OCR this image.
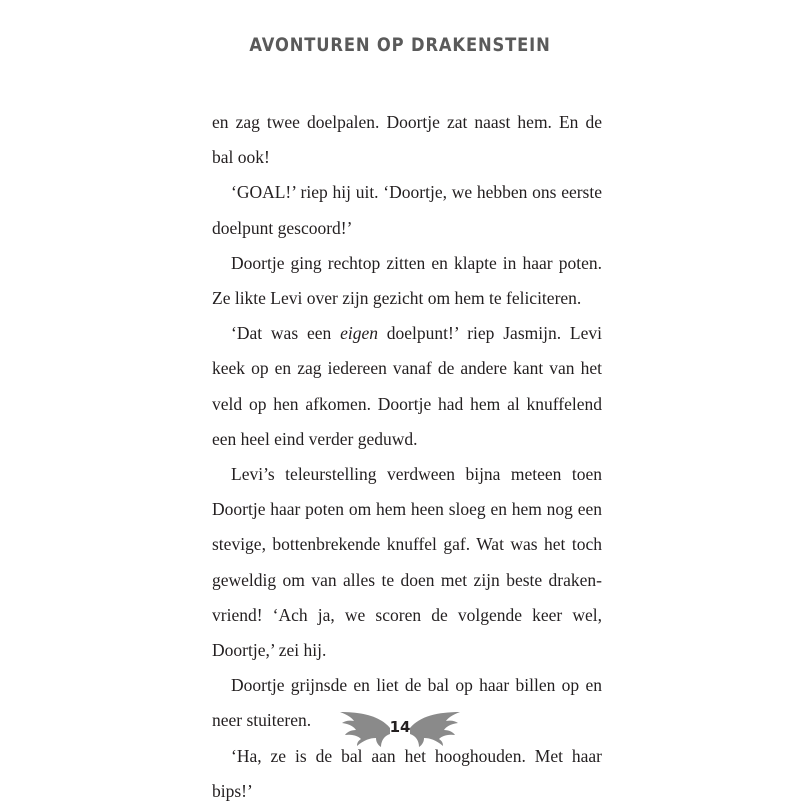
AVONTUREN OP DRAKENSTEIN

en zag twee doelpalen. Doortje zat naast hem. En de bal ook!

‘GOAL!’ riep hij uit. ‘Doortje, we hebben ons eerste doelpunt gescoord!’

Doortje ging rechtop zitten en klapte in haar poten. Ze likte Levi over zijn gezicht om hem te feliciteren.

‘Dat was een eigen doelpunt!’ riep Jasmijn. Levi keek op en zag iedereen vanaf de andere kant van het veld op hen afkomen. Doortje had hem al knuffelend een heel eind verder geduwd.

Levi’s teleurstelling verdween bijna meteen toen Doortje haar poten om hem heen sloeg en hem nog een stevige, bottenbrekende knuffel gaf. Wat was het toch geweldig om van alles te doen met zijn beste drakenvriend! ‘Ach ja, we scoren de volgende keer wel, Doortje,’ zei hij.

Doortje grijnsde en liet de bal op haar billen op en neer stuiteren.

‘Ha, ze is de bal aan het hooghouden. Met haar bips!’

14
